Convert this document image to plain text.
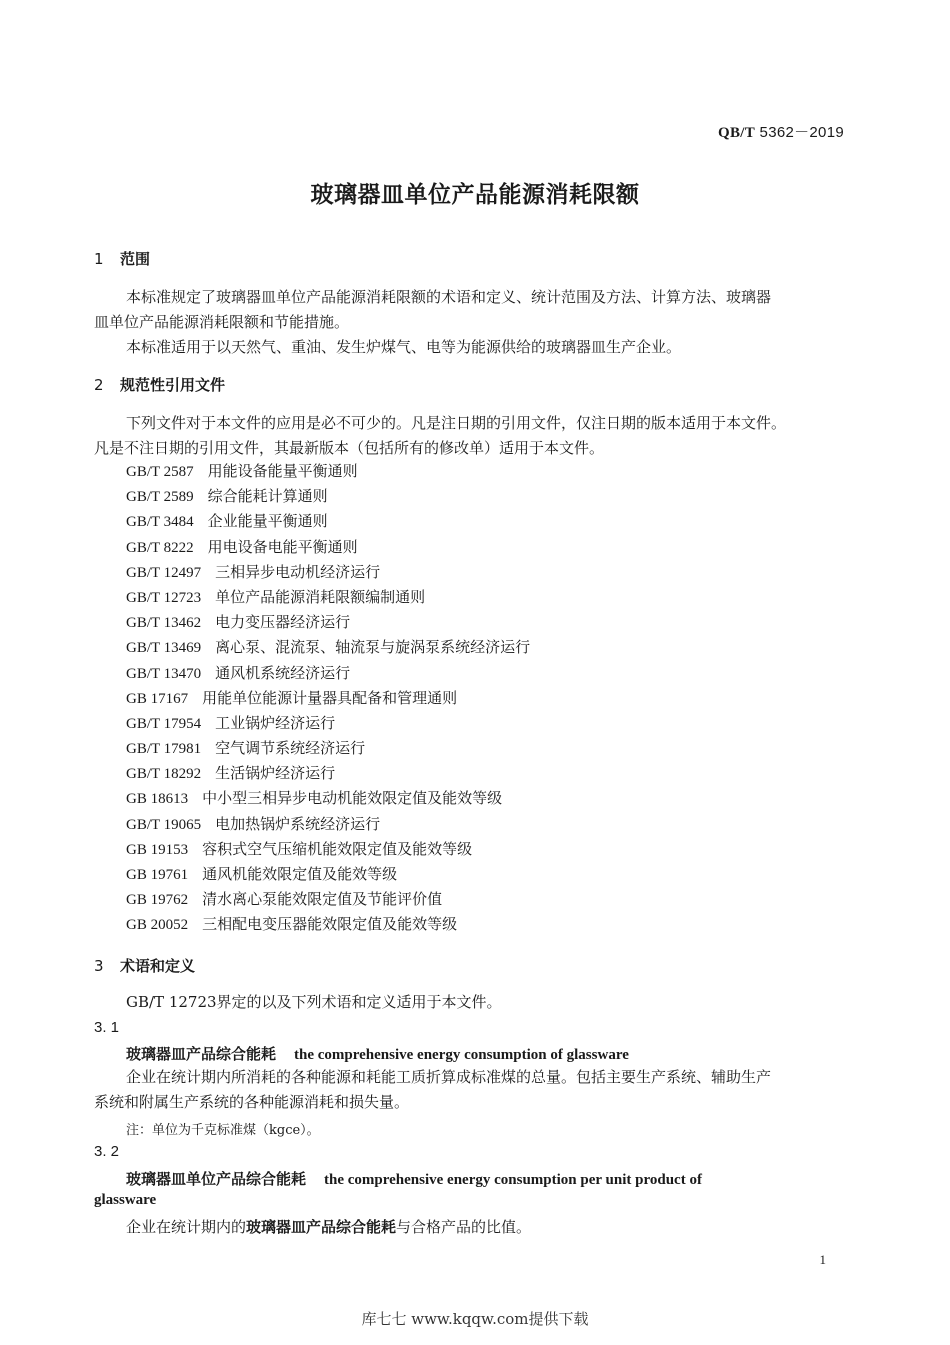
QB/T 5362－2019
玻璃器皿单位产品能源消耗限额
1 范围
本标准规定了玻璃器皿单位产品能源消耗限额的术语和定义、统计范围及方法、计算方法、玻璃器
皿单位产品能源消耗限额和节能措施。
本标准适用于以天然气、重油、发生炉煤气、电等为能源供给的玻璃器皿生产企业。
2 规范性引用文件
下列文件对于本文件的应用是必不可少的。凡是注日期的引用文件，仅注日期的版本适用于本文件。
凡是不注日期的引用文件，其最新版本（包括所有的修改单）适用于本文件。
GB/T 2587 用能设备能量平衡通则
GB/T 2589 综合能耗计算通则
GB/T 3484 企业能量平衡通则
GB/T 8222 用电设备电能平衡通则
GB/T 12497 三相异步电动机经济运行
GB/T 12723 单位产品能源消耗限额编制通则
GB/T 13462 电力变压器经济运行
GB/T 13469 离心泵、混流泵、轴流泵与旋涡泵系统经济运行
GB/T 13470 通风机系统经济运行
GB 17167 用能单位能源计量器具配备和管理通则
GB/T 17954 工业锅炉经济运行
GB/T 17981 空气调节系统经济运行
GB/T 18292 生活锅炉经济运行
GB 18613 中小型三相异步电动机能效限定值及能效等级
GB/T 19065 电加热锅炉系统经济运行
GB 19153 容积式空气压缩机能效限定值及能效等级
GB 19761 通风机能效限定值及能效等级
GB 19762 清水离心泵能效限定值及节能评价值
GB 20052 三相配电变压器能效限定值及能效等级
3 术语和定义
GB/T 12723界定的以及下列术语和定义适用于本文件。
3. 1
玻璃器皿产品综合能耗 the comprehensive energy consumption of glassware
企业在统计期内所消耗的各种能源和耗能工质折算成标准煤的总量。包括主要生产系统、辅助生产
系统和附属生产系统的各种能源消耗和损失量。
注：单位为千克标准煤（kgce）。
3. 2
玻璃器皿单位产品综合能耗 the comprehensive energy consumption per unit product of
glassware
企业在统计期内的玻璃器皿产品综合能耗与合格产品的比值。
1
库七七 www.kqqw.com提供下载
